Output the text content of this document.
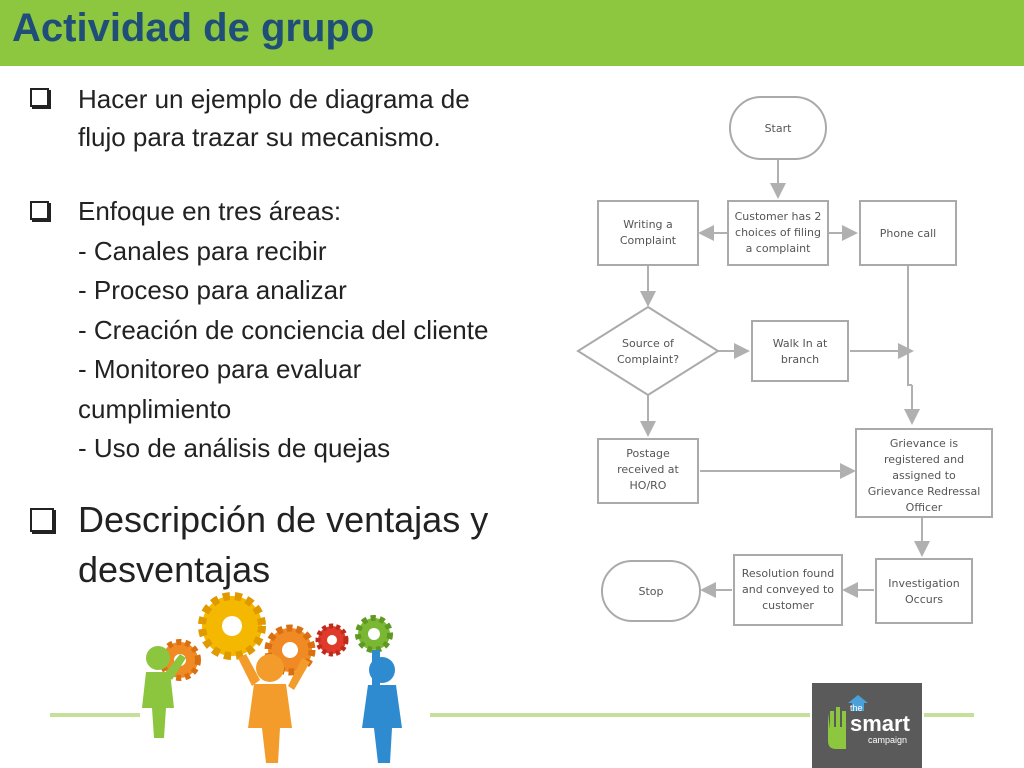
Actividad de grupo
Hacer un ejemplo de diagrama de
flujo para trazar su mecanismo.
Enfoque en tres áreas:
- Canales para recibir
- Proceso para analizar
- Creación de conciencia del cliente
- Monitoreo para evaluar
cumplimiento
- Uso de análisis de quejas
Descripción de ventajas y
desventajas
Start
Customer has 2
choices of filing
a complaint
Writing a
Complaint
Phone call
Source of
Complaint?
Walk In at
branch
Postage
received at
HO/RO
Grievance is
registered and
assigned to
Grievance Redressal
Officer
Investigation
Occurs
Resolution found
and conveyed to
customer
Stop
the
smart
campaign
